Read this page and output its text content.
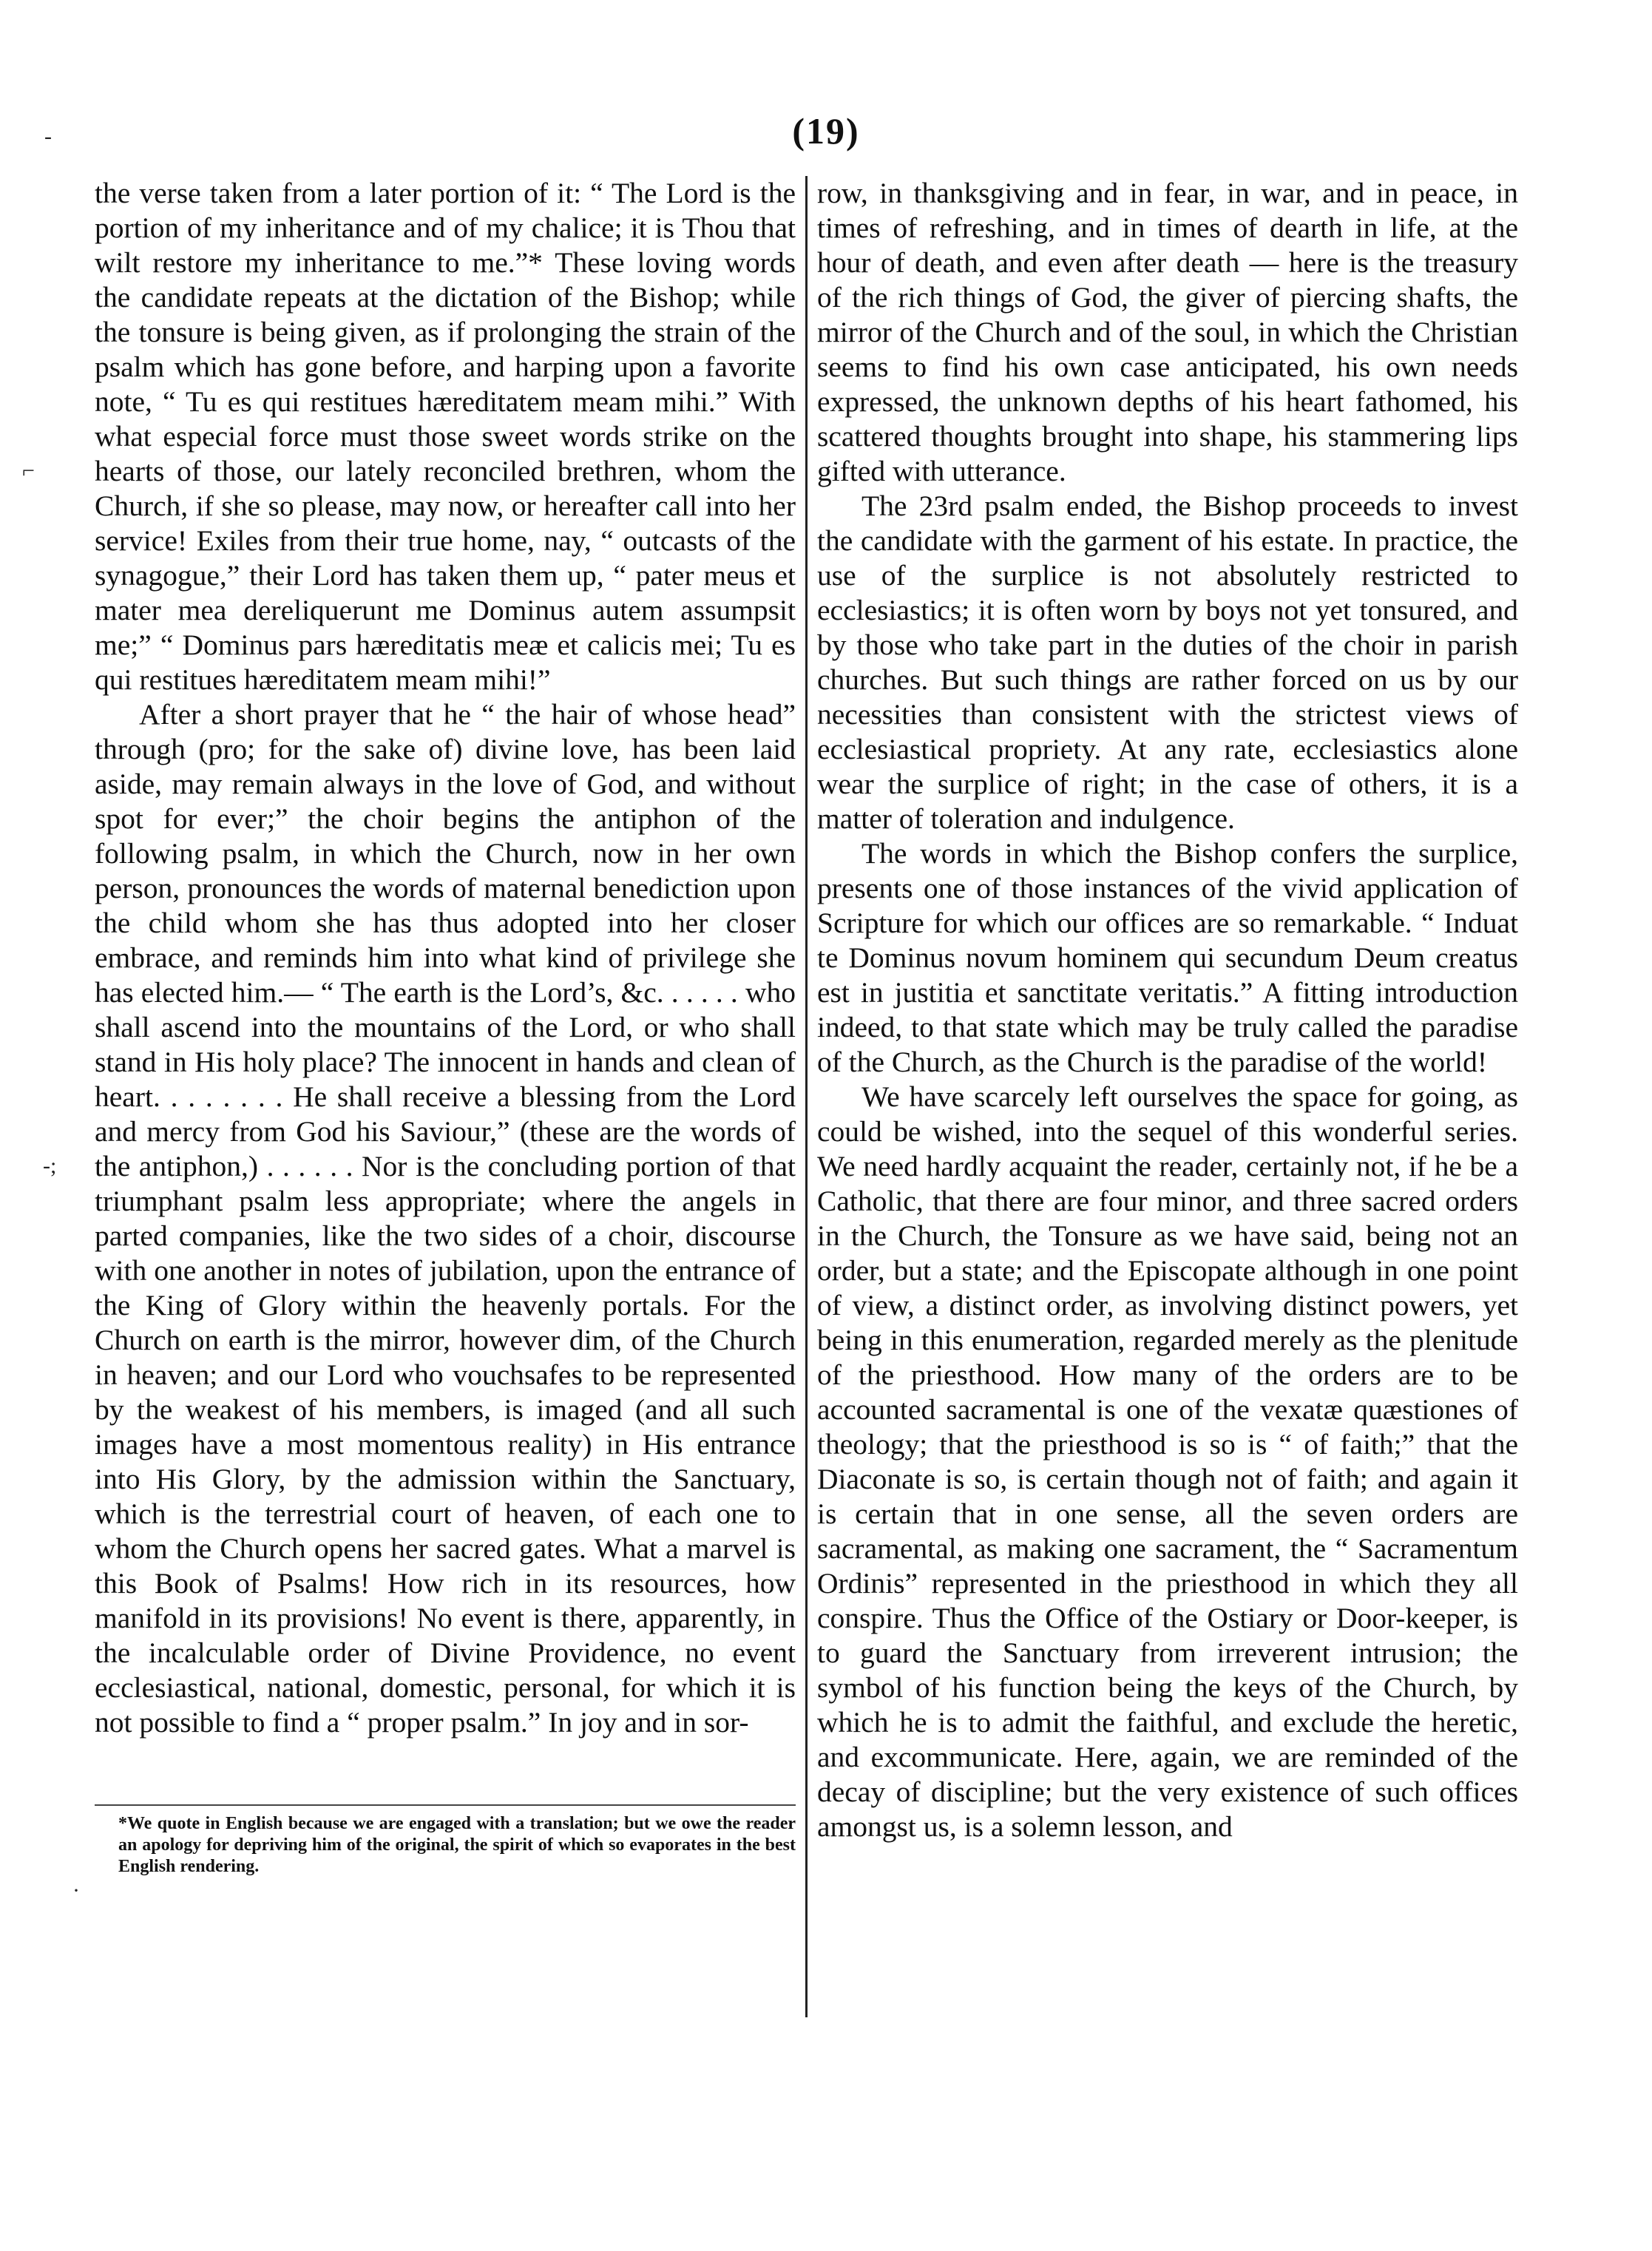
(19)
-
⌐
-;
·

the verse taken from a later portion of it: “ The Lord is the portion of my inheritance and of my chalice; it is Thou that wilt restore my inheritance to me.”* These loving words the candidate repeats at the dictation of the Bishop; while the tonsure is being given, as if prolonging the strain of the psalm which has gone before, and harping upon a favorite note, “ Tu es qui restitues hæreditatem meam mihi.” With what especial force must those sweet words strike on the hearts of those, our lately reconciled brethren, whom the Church, if she so please, may now, or hereafter call into her service! Exiles from their true home, nay, “ outcasts of the synagogue,” their Lord has taken them up, “ pater meus et mater mea dereliquerunt me Dominus autem assumpsit me;” “ Dominus pars hæreditatis meæ et calicis mei; Tu es qui restitues hæreditatem meam mihi!”

After a short prayer that he “ the hair of whose head” through (pro; for the sake of) divine love, has been laid aside, may remain always in the love of God, and without spot for ever;” the choir begins the antiphon of the following psalm, in which the Church, now in her own person, pronounces the words of maternal benediction upon the child whom she has thus adopted into her closer embrace, and reminds him into what kind of privilege she has elected him.— “ The earth is the Lord’s, &c. . . . . . who shall ascend into the mountains of the Lord, or who shall stand in His holy place? The innocent in hands and clean of heart. . . . . . . . He shall receive a blessing from the Lord and mercy from God his Saviour,” (these are the words of the antiphon,) . . . . . . Nor is the concluding portion of that triumphant psalm less appropriate; where the angels in parted companies, like the two sides of a choir, discourse with one another in notes of jubilation, upon the entrance of the King of Glory within the heavenly portals. For the Church on earth is the mirror, however dim, of the Church in heaven; and our Lord who vouchsafes to be represented by the weakest of his members, is imaged (and all such images have a most momentous reality) in His entrance into His Glory, by the admission within the Sanctuary, which is the terrestrial court of heaven, of each one to whom the Church opens her sacred gates. What a marvel is this Book of Psalms! How rich in its resources, how manifold in its provisions! No event is there, apparently, in the incalculable order of Divine Providence, no event ecclesiastical, national, domestic, personal, for which it is not possible to find a “ proper psalm.” In joy and in sor-

row, in thanksgiving and in fear, in war, and in peace, in times of refreshing, and in times of dearth in life, at the hour of death, and even after death — here is the treasury of the rich things of God, the giver of piercing shafts, the mirror of the Church and of the soul, in which the Christian seems to find his own case anticipated, his own needs expressed, the unknown depths of his heart fathomed, his scattered thoughts brought into shape, his stammering lips gifted with utterance.

The 23rd psalm ended, the Bishop proceeds to invest the candidate with the garment of his estate. In practice, the use of the surplice is not absolutely restricted to ecclesiastics; it is often worn by boys not yet tonsured, and by those who take part in the duties of the choir in parish churches. But such things are rather forced on us by our necessities than consistent with the strictest views of ecclesiastical propriety. At any rate, ecclesiastics alone wear the surplice of right; in the case of others, it is a matter of toleration and indulgence.

The words in which the Bishop confers the surplice, presents one of those instances of the vivid application of Scripture for which our offices are so remarkable. “ Induat te Dominus novum hominem qui secundum Deum creatus est in justitia et sanctitate veritatis.” A fitting introduction indeed, to that state which may be truly called the paradise of the Church, as the Church is the paradise of the world!

We have scarcely left ourselves the space for going, as could be wished, into the sequel of this wonderful series. We need hardly acquaint the reader, certainly not, if he be a Catholic, that there are four minor, and three sacred orders in the Church, the Tonsure as we have said, being not an order, but a state; and the Episcopate although in one point of view, a distinct order, as involving distinct powers, yet being in this enumeration, regarded merely as the plenitude of the priesthood. How many of the orders are to be accounted sacramental is one of the vexatæ quæstiones of theology; that the priesthood is so is “ of faith;” that the Diaconate is so, is certain though not of faith; and again it is certain that in one sense, all the seven orders are sacramental, as making one sacrament, the “ Sacramentum Ordinis” represented in the priesthood in which they all conspire. Thus the Office of the Ostiary or Door-keeper, is to guard the Sanctuary from irreverent intrusion; the symbol of his function being the keys of the Church, by which he is to admit the faithful, and exclude the heretic, and excommunicate. Here, again, we are reminded of the decay of discipline; but the very existence of such offices amongst us, is a solemn lesson, and

*We quote in English because we are engaged with a translation; but we owe the reader an apology for depriving him of the original, the spirit of which so evaporates in the best English rendering.
